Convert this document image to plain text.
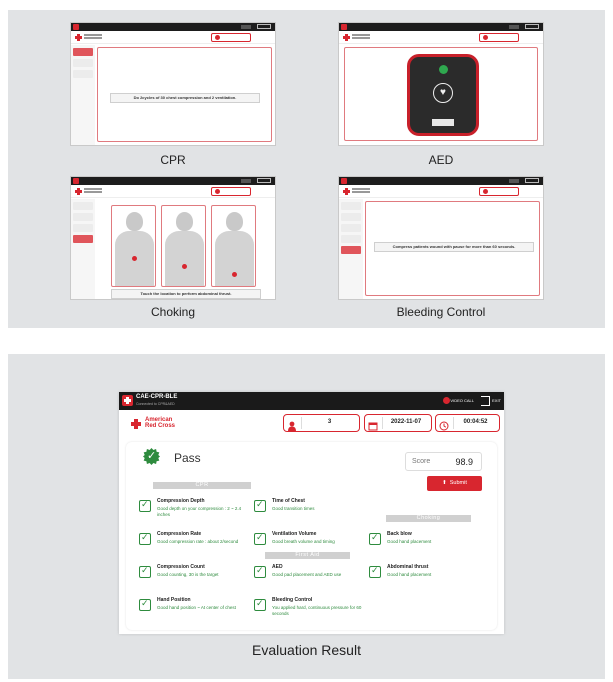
Do 2cycles of 30 chest compression and 2 ventilation.
CPR
♥
AED
Touch the location to perform abdominal thrust.
Choking
Compress patients wound with pause for more than 60 seconds.
Bleeding Control
Evaluation Result
CAE-CPR-BLE
Connected to CPR&AED
VIDEO CALL	EXIT
American Red Cross
3	2022-11-07	00:04:52
✓
Pass	Score	98.9
⬆ Submit
CPR
First Aid
Choking
✓
Compression Depth
Good depth on your compression : 2 ~ 2.4 inches
✓
Compression Rate
Good compression rate : about 2/second
✓
Compression Count
Good counting, 30 is the target
✓
Hand Position
Good hand position ~ At center of chest
✓
Time of Chest
Good transition times
✓
Ventilation Volume
Good breath volume and timing
✓
AED
Good pad placement and AED use
✓
Bleeding Control
You applied hard, continuous pressure for 60 seconds
✓
Back blow
Good hand placement
✓
Abdominal thrust
Good hand placement
